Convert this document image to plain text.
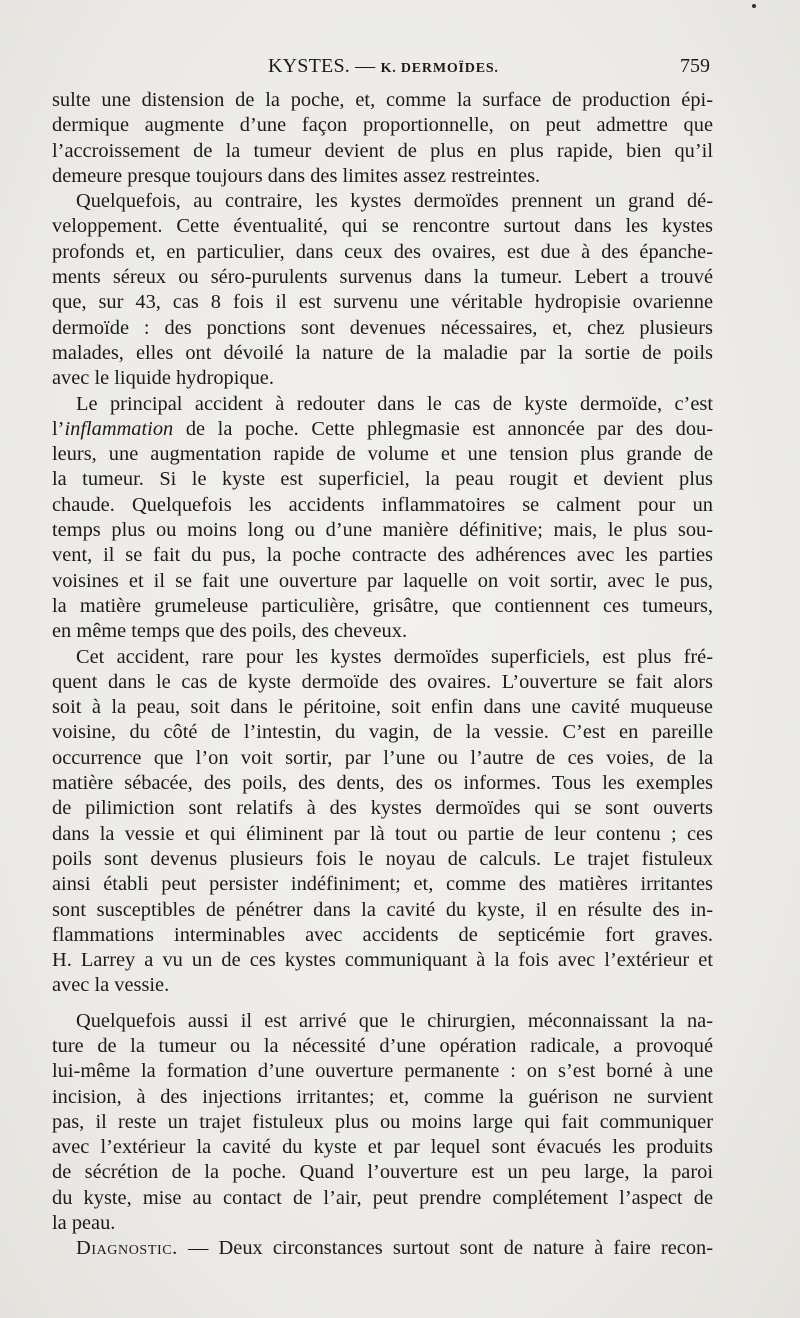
KYSTES. — K. DERMOÏDES.	759
sulte une distension de la poche, et, comme la surface de production épi-
dermique augmente d’une façon proportionnelle, on peut admettre que
l’accroissement de la tumeur devient de plus en plus rapide, bien qu’il
demeure presque toujours dans des limites assez restreintes.
Quelquefois, au contraire, les kystes dermoïdes prennent un grand dé-
veloppement. Cette éventualité, qui se rencontre surtout dans les kystes
profonds et, en particulier, dans ceux des ovaires, est due à des épanche-
ments séreux ou séro-purulents survenus dans la tumeur. Lebert a trouvé
que, sur 43, cas 8 fois il est survenu une véritable hydropisie ovarienne
dermoïde : des ponctions sont devenues nécessaires, et, chez plusieurs
malades, elles ont dévoilé la nature de la maladie par la sortie de poils
avec le liquide hydropique.
Le principal accident à redouter dans le cas de kyste dermoïde, c’est
l’inflammation de la poche. Cette phlegmasie est annoncée par des dou-
leurs, une augmentation rapide de volume et une tension plus grande de
la tumeur. Si le kyste est superficiel, la peau rougit et devient plus
chaude. Quelquefois les accidents inflammatoires se calment pour un
temps plus ou moins long ou d’une manière définitive; mais, le plus sou-
vent, il se fait du pus, la poche contracte des adhérences avec les parties
voisines et il se fait une ouverture par laquelle on voit sortir, avec le pus,
la matière grumeleuse particulière, grisâtre, que contiennent ces tumeurs,
en même temps que des poils, des cheveux.
Cet accident, rare pour les kystes dermoïdes superficiels, est plus fré-
quent dans le cas de kyste dermoïde des ovaires. L’ouverture se fait alors
soit à la peau, soit dans le péritoine, soit enfin dans une cavité muqueuse
voisine, du côté de l’intestin, du vagin, de la vessie. C’est en pareille
occurrence que l’on voit sortir, par l’une ou l’autre de ces voies, de la
matière sébacée, des poils, des dents, des os informes. Tous les exemples
de pilimiction sont relatifs à des kystes dermoïdes qui se sont ouverts
dans la vessie et qui éliminent par là tout ou partie de leur contenu ; ces
poils sont devenus plusieurs fois le noyau de calculs. Le trajet fistuleux
ainsi établi peut persister indéfiniment; et, comme des matières irritantes
sont susceptibles de pénétrer dans la cavité du kyste, il en résulte des in-
flammations interminables avec accidents de septicémie fort graves.
H. Larrey a vu un de ces kystes communiquant à la fois avec l’extérieur et
avec la vessie.
Quelquefois aussi il est arrivé que le chirurgien, méconnaissant la na-
ture de la tumeur ou la nécessité d’une opération radicale, a provoqué
lui-même la formation d’une ouverture permanente : on s’est borné à une
incision, à des injections irritantes; et, comme la guérison ne survient
pas, il reste un trajet fistuleux plus ou moins large qui fait communiquer
avec l’extérieur la cavité du kyste et par lequel sont évacués les produits
de sécrétion de la poche. Quand l’ouverture est un peu large, la paroi
du kyste, mise au contact de l’air, peut prendre complétement l’aspect de
la peau.
Diagnostic. — Deux circonstances surtout sont de nature à faire recon-
